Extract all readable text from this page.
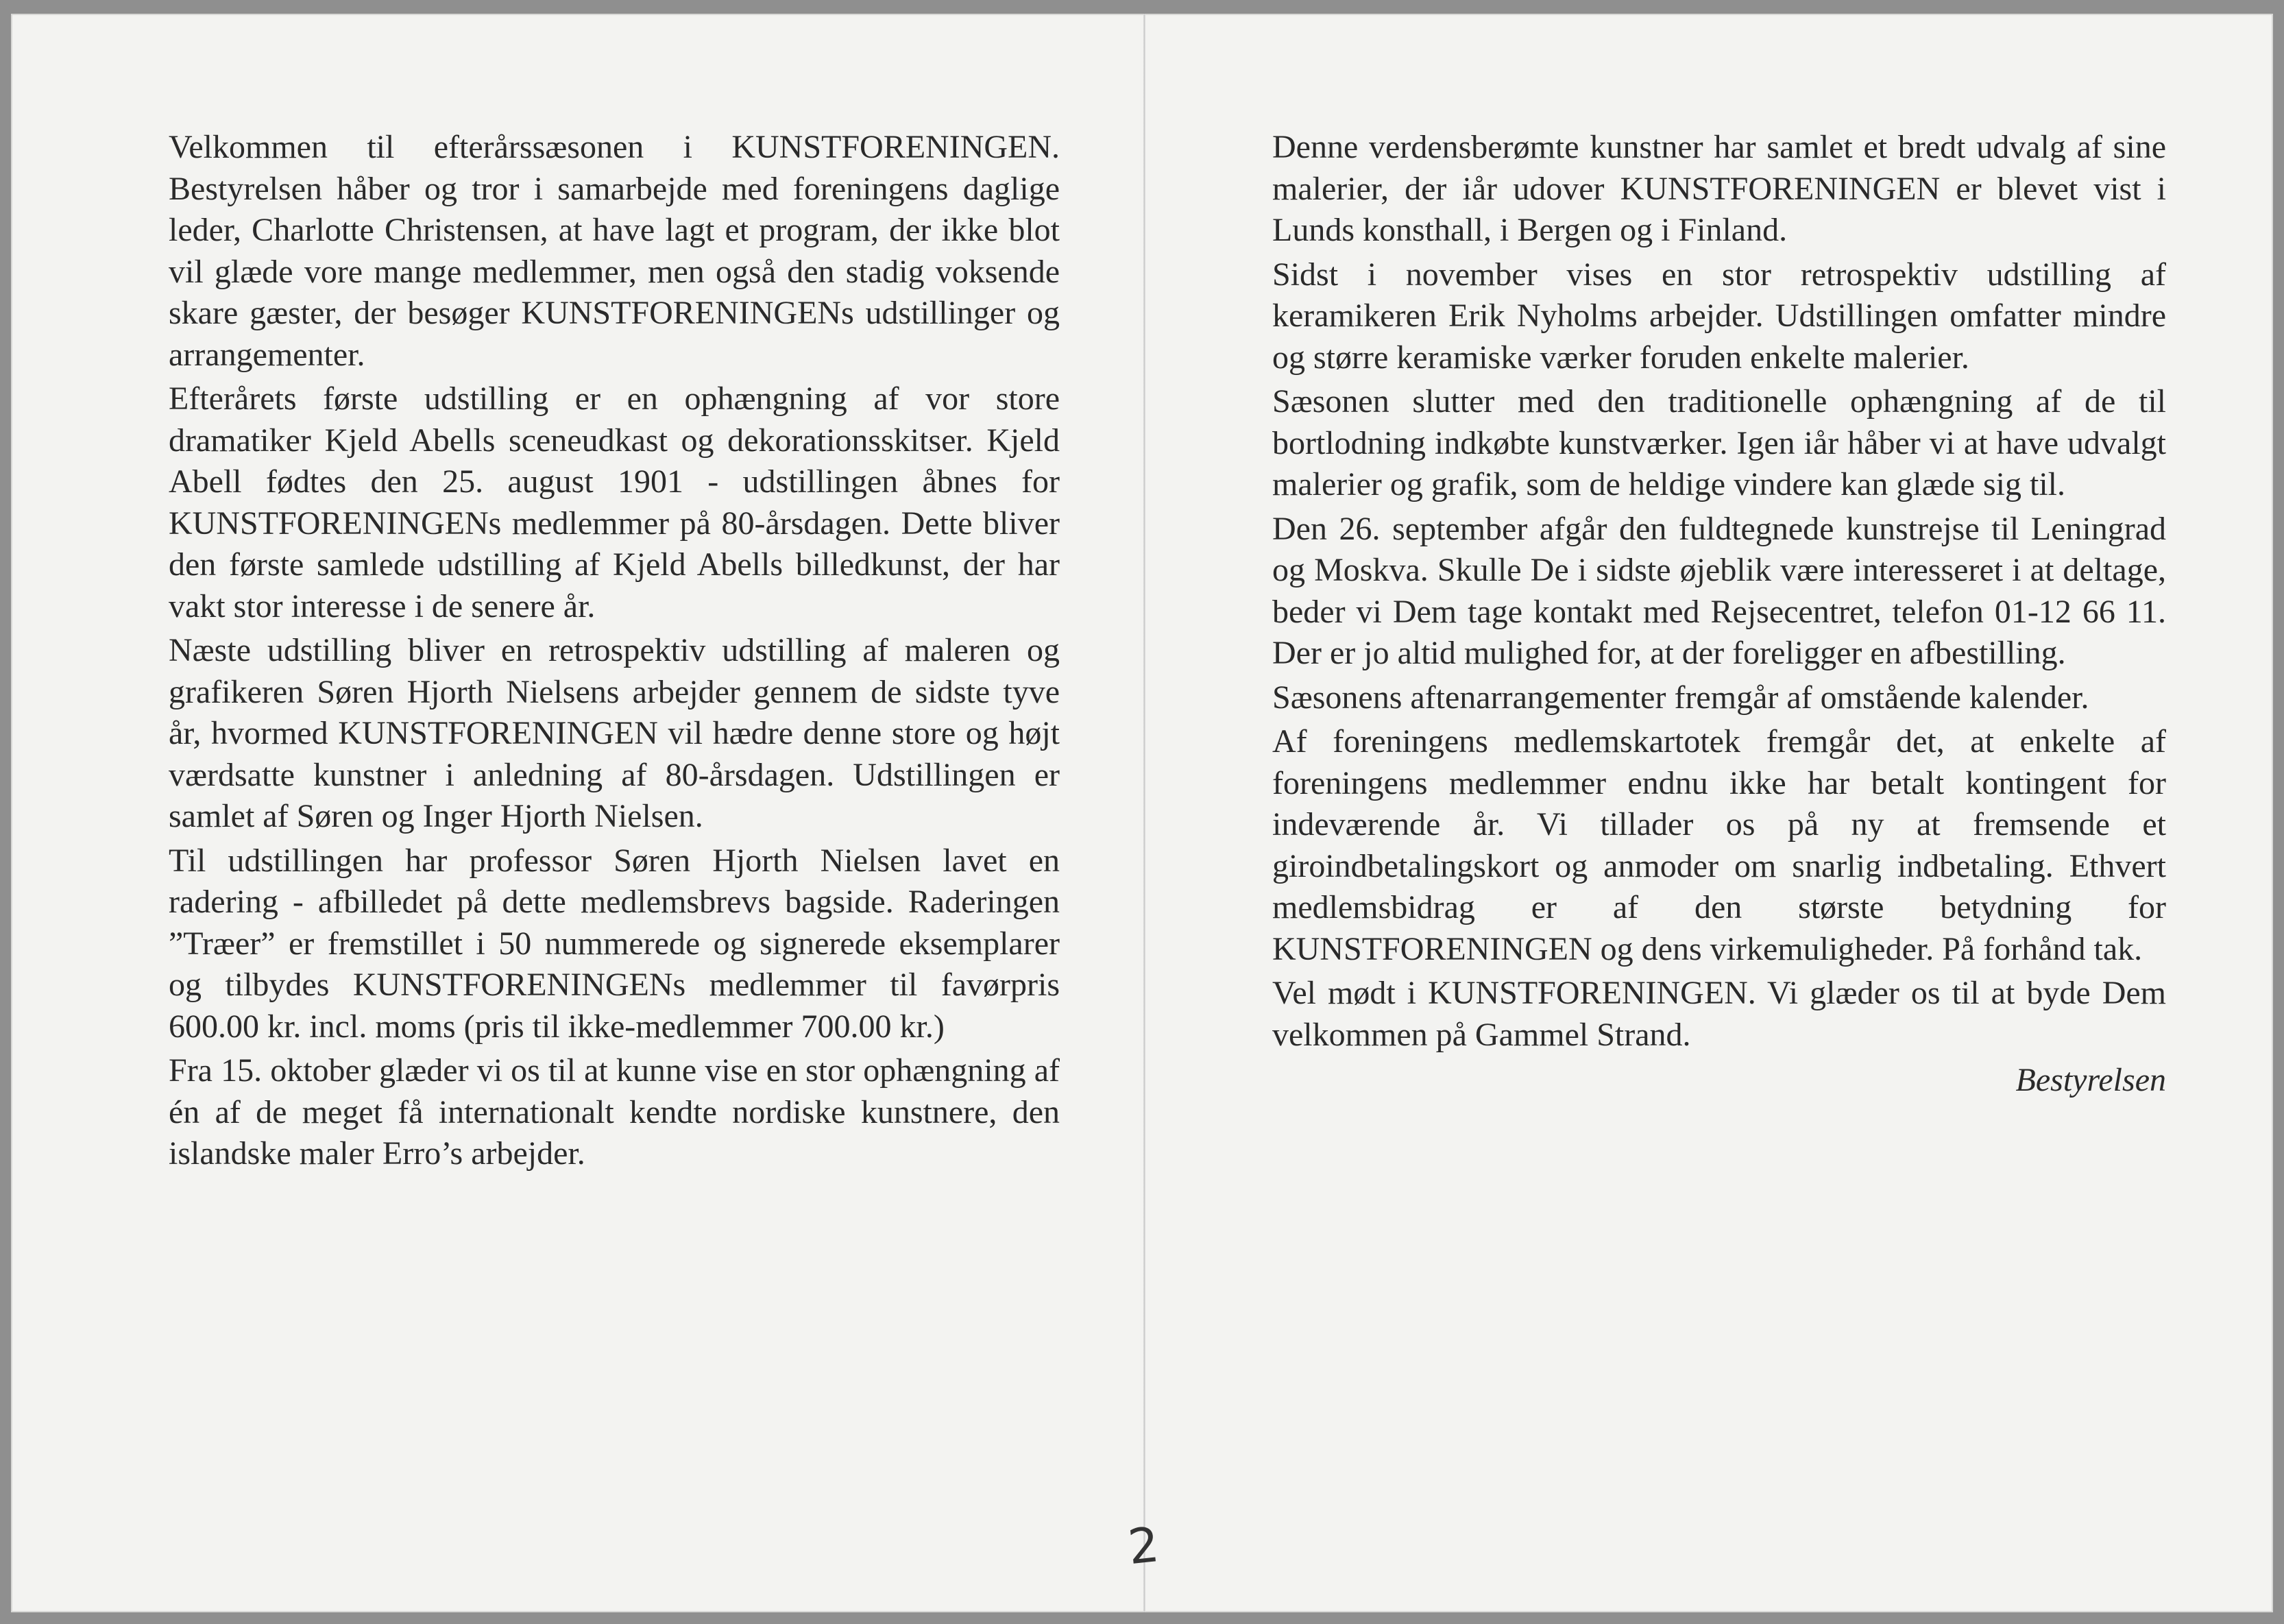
Velkommen til efterårssæsonen i KUNSTFORENINGEN. Bestyrelsen håber og tror i samarbejde med foreningens daglige leder, Charlotte Christensen, at have lagt et program, der ikke blot vil glæde vore mange medlemmer, men også den stadig voksende skare gæster, der besøger KUNSTFORENINGENs udstillinger og arrangementer.

Efterårets første udstilling er en ophængning af vor store dramatiker Kjeld Abells sceneudkast og dekorationsskitser. Kjeld Abell fødtes den 25. august 1901 - udstillingen åbnes for KUNSTFORENINGENs medlemmer på 80-årsdagen. Dette bliver den første samlede udstilling af Kjeld Abells billedkunst, der har vakt stor interesse i de senere år.

Næste udstilling bliver en retrospektiv udstilling af maleren og grafikeren Søren Hjorth Nielsens arbejder gennem de sidste tyve år, hvormed KUNSTFORENINGEN vil hædre denne store og højt værdsatte kunstner i anledning af 80-årsdagen. Udstillingen er samlet af Søren og Inger Hjorth Nielsen.

Til udstillingen har professor Søren Hjorth Nielsen lavet en radering - afbilledet på dette medlemsbrevs bagside. Raderingen ”Træer” er fremstillet i 50 nummerede og signerede eksemplarer og tilbydes KUNSTFORENINGENs medlemmer til favørpris 600.00 kr. incl. moms (pris til ikke-medlemmer 700.00 kr.)

Fra 15. oktober glæder vi os til at kunne vise en stor ophængning af én af de meget få internationalt kendte nordiske kunstnere, den islandske maler Erro’s arbejder.

Denne verdensberømte kunstner har samlet et bredt udvalg af sine malerier, der iår udover KUNSTFORENINGEN er blevet vist i Lunds konsthall, i Bergen og i Finland.

Sidst i november vises en stor retrospektiv udstilling af keramikeren Erik Nyholms arbejder. Udstillingen omfatter mindre og større keramiske værker foruden enkelte malerier.

Sæsonen slutter med den traditionelle ophængning af de til bortlodning indkøbte kunstværker. Igen iår håber vi at have udvalgt malerier og grafik, som de heldige vindere kan glæde sig til.

Den 26. september afgår den fuldtegnede kunstrejse til Leningrad og Moskva. Skulle De i sidste øjeblik være interesseret i at deltage, beder vi Dem tage kontakt med Rejsecentret, telefon 01-12 66 11. Der er jo altid mulighed for, at der foreligger en afbestilling.

Sæsonens aftenarrangementer fremgår af omstående kalender.

Af foreningens medlemskartotek fremgår det, at enkelte af foreningens medlemmer endnu ikke har betalt kontingent for indeværende år. Vi tillader os på ny at fremsende et giroindbetalingskort og anmoder om snarlig indbetaling. Ethvert medlemsbidrag er af den største betydning for KUNSTFORENINGEN og dens virkemuligheder. På forhånd tak.

Vel mødt i KUNSTFORENINGEN. Vi glæder os til at byde Dem velkommen på Gammel Strand.

Bestyrelsen

2
